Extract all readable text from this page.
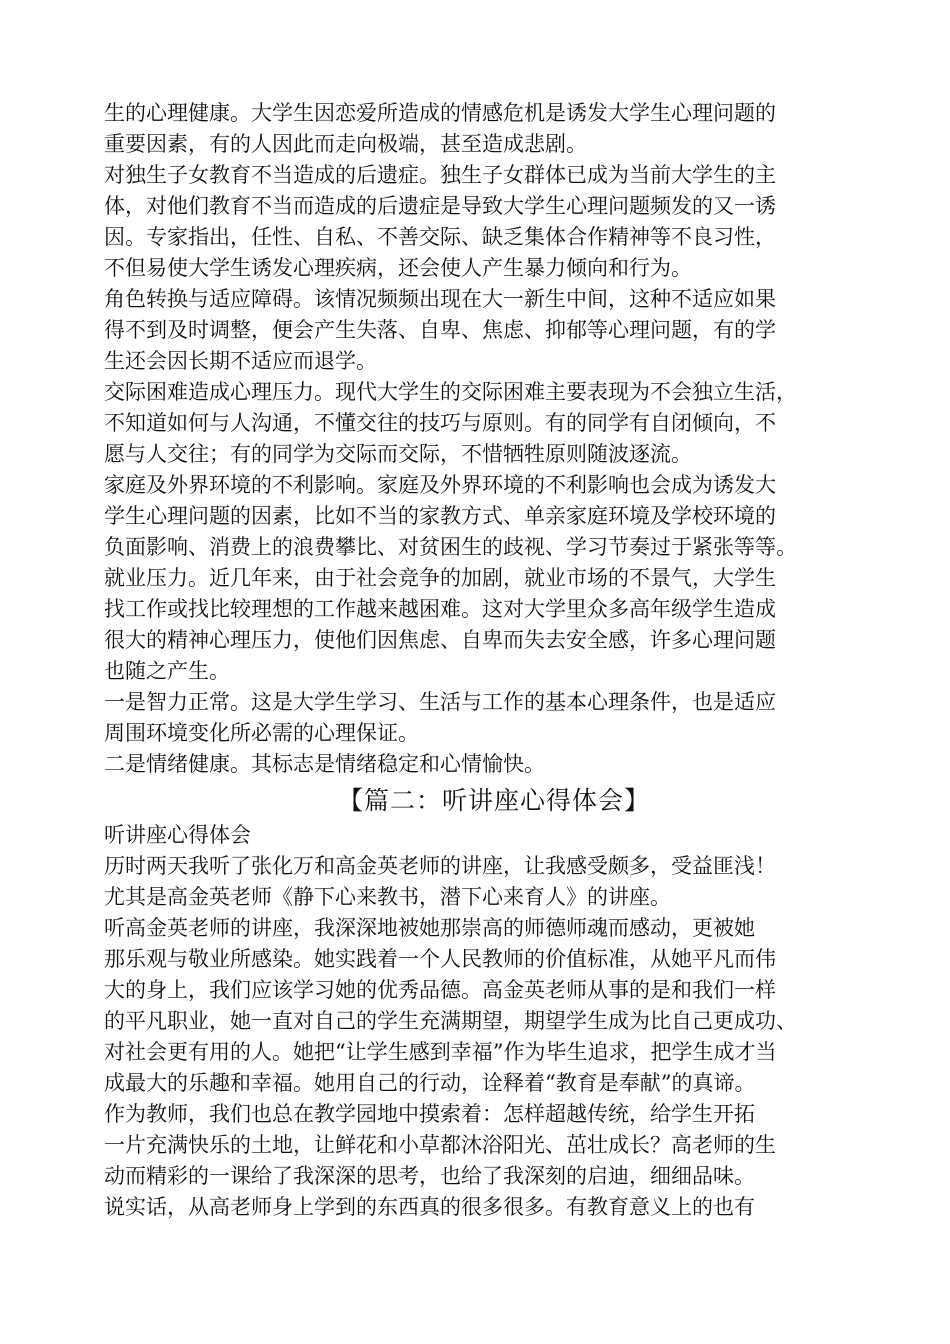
生的心理健康。大学生因恋爱所造成的情感危机是诱发大学生心理问题的
重要因素，有的人因此而走向极端，甚至造成悲剧。
对独生子女教育不当造成的后遗症。独生子女群体已成为当前大学生的主
体，对他们教育不当而造成的后遗症是导致大学生心理问题频发的又一诱
因。专家指出，任性、自私、不善交际、缺乏集体合作精神等不良习性，
不但易使大学生诱发心理疾病，还会使人产生暴力倾向和行为。
角色转换与适应障碍。该情况频频出现在大一新生中间，这种不适应如果
得不到及时调整，便会产生失落、自卑、焦虑、抑郁等心理问题，有的学
生还会因长期不适应而退学。
交际困难造成心理压力。现代大学生的交际困难主要表现为不会独立生活，
不知道如何与人沟通，不懂交往的技巧与原则。有的同学有自闭倾向，不
愿与人交往；有的同学为交际而交际，不惜牺牲原则随波逐流。
家庭及外界环境的不利影响。家庭及外界环境的不利影响也会成为诱发大
学生心理问题的因素，比如不当的家教方式、单亲家庭环境及学校环境的
负面影响、消费上的浪费攀比、对贫困生的歧视、学习节奏过于紧张等等。
就业压力。近几年来，由于社会竞争的加剧，就业市场的不景气，大学生
找工作或找比较理想的工作越来越困难。这对大学里众多高年级学生造成
很大的精神心理压力，使他们因焦虑、自卑而失去安全感，许多心理问题
也随之产生。
一是智力正常。这是大学生学习、生活与工作的基本心理条件，也是适应
周围环境变化所必需的心理保证。
二是情绪健康。其标志是情绪稳定和心情愉快。
【篇二：听讲座心得体会】
听讲座心得体会
历时两天我听了张化万和高金英老师的讲座，让我感受颇多，受益匪浅！
尤其是高金英老师《静下心来教书，潜下心来育人》的讲座。
听高金英老师的讲座，我深深地被她那崇高的师德师魂而感动，更被她
那乐观与敬业所感染。她实践着一个人民教师的价值标准，从她平凡而伟
大的身上，我们应该学习她的优秀品德。高金英老师从事的是和我们一样
的平凡职业，她一直对自己的学生充满期望，期望学生成为比自己更成功、
对社会更有用的人。她把“让学生感到幸福”作为毕生追求，把学生成才当
成最大的乐趣和幸福。她用自己的行动，诠释着“教育是奉献”的真谛。
作为教师，我们也总在教学园地中摸索着：怎样超越传统，给学生开拓
一片充满快乐的土地，让鲜花和小草都沐浴阳光、茁壮成长？高老师的生
动而精彩的一课给了我深深的思考，也给了我深刻的启迪，细细品味。
说实话，从高老师身上学到的东西真的很多很多。有教育意义上的也有
